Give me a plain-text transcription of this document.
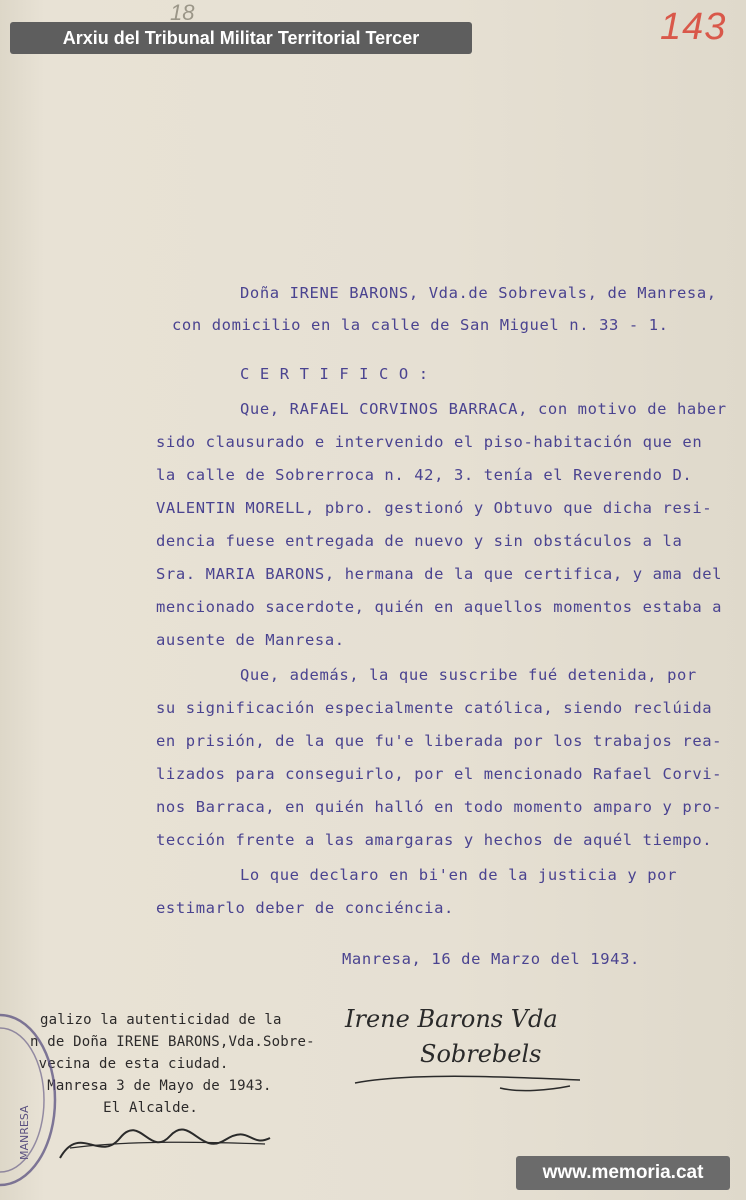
Arxiu del Tribunal Militar Territorial Tercer
18	143
Doña IRENE BARONS, Vda.de Sobrevals, de Manresa,
con domicilio en la calle de San Miguel n. 33 - 1.
C E R T I F I C O :
Que, RAFAEL CORVINOS BARRACA, con motivo de haber
sido clausurado e intervenido el piso-habitación que en
la calle de Sobrerroca n. 42, 3. tenía el Reverendo D.
VALENTIN MORELL, pbro. gestionó y Obtuvo que dicha resi-
dencia fuese entregada de nuevo y sin obstáculos a la
Sra. MARIA BARONS, hermana de la que certifica, y ama del
mencionado sacerdote, quién en aquellos momentos estaba a
ausente de Manresa.
Que, además, la que suscribe fué detenida, por
su significación especialmente católica, siendo reclúida
en prisión, de la que fu'e liberada por los trabajos rea-
lizados para conseguirlo, por el mencionado Rafael Corvi-
nos Barraca, en quién halló en todo momento amparo y pro-
tección frente a las amargaras y hechos de aquél tiempo.
Lo que declaro en bi'en de la justicia y por
estimarlo deber de conciéncia.
Manresa, 16 de Marzo del 1943.
Irene Barons Vda
Sobrebels
galizo la autenticidad de la
n de Doña IRENE BARONS,Vda.Sobre-
vecina de esta ciudad.
Manresa 3 de Mayo de 1943.
El Alcalde.
MANRESA
www.memoria.cat
